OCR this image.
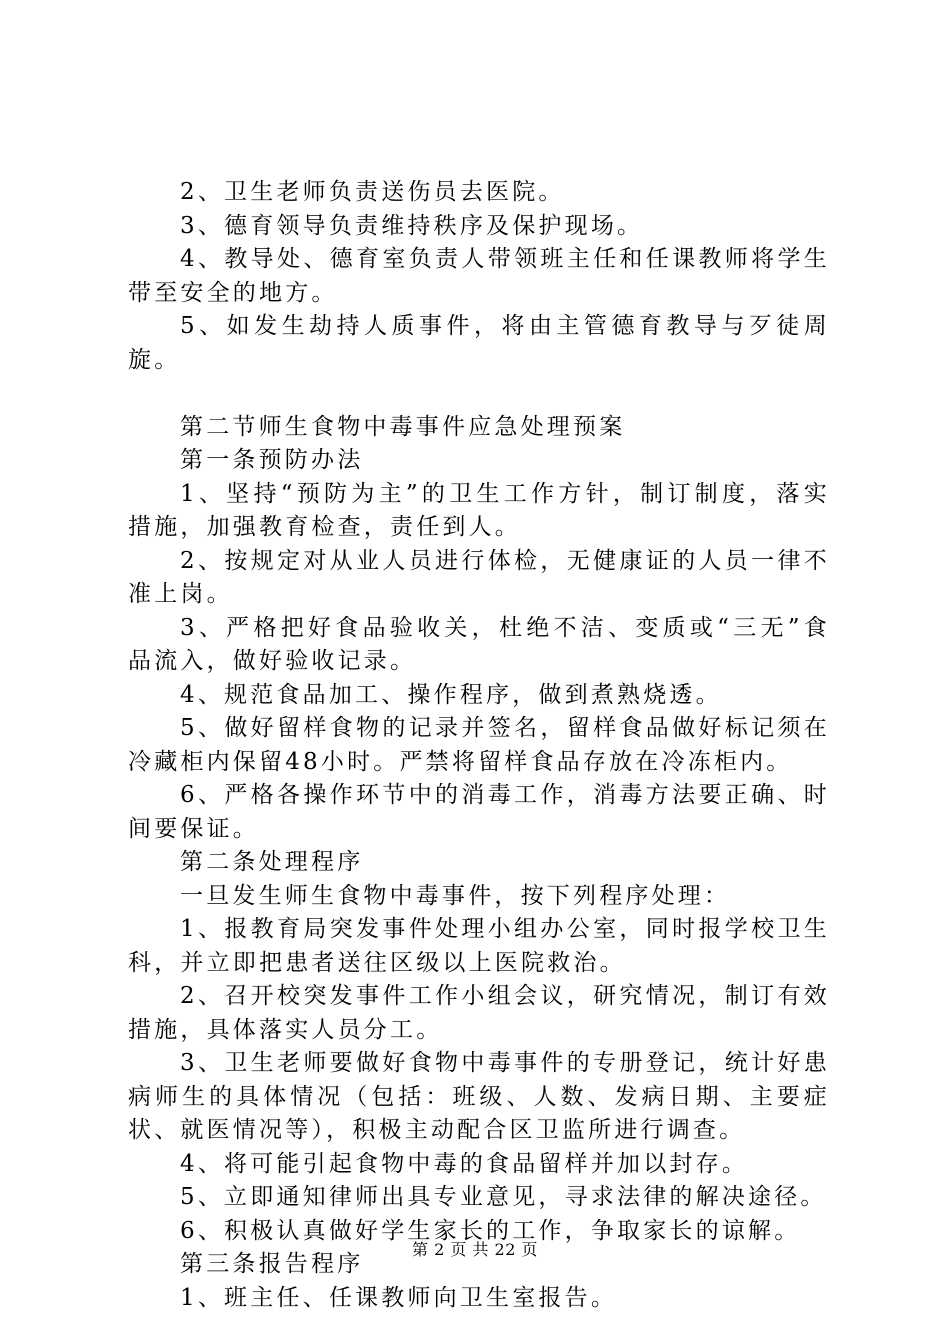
2、卫生老师负责送伤员去医院。

3、德育领导负责维持秩序及保护现场。

4、教导处、德育室负责人带领班主任和任课教师将学生带至安全的地方。

5、如发生劫持人质事件，将由主管德育教导与歹徒周旋。

第二节师生食物中毒事件应急处理预案

第一条预防办法

1、坚持“预防为主”的卫生工作方针，制订制度，落实措施，加强教育检查，责任到人。

2、按规定对从业人员进行体检，无健康证的人员一律不准上岗。

3、严格把好食品验收关，杜绝不洁、变质或“三无”食品流入，做好验收记录。

4、规范食品加工、操作程序，做到煮熟烧透。

5、做好留样食物的记录并签名，留样食品做好标记须在冷藏柜内保留48小时。严禁将留样食品存放在冷冻柜内。

6、严格各操作环节中的消毒工作，消毒方法要正确、时间要保证。

第二条处理程序

一旦发生师生食物中毒事件，按下列程序处理：

1、报教育局突发事件处理小组办公室，同时报学校卫生科，并立即把患者送往区级以上医院救治。

2、召开校突发事件工作小组会议，研究情况，制订有效措施，具体落实人员分工。

3、卫生老师要做好食物中毒事件的专册登记，统计好患病师生的具体情况（包括：班级、人数、发病日期、主要症状、就医情况等），积极主动配合区卫监所进行调查。

4、将可能引起食物中毒的食品留样并加以封存。

5、立即通知律师出具专业意见，寻求法律的解决途径。

6、积极认真做好学生家长的工作，争取家长的谅解。

第三条报告程序

1、班主任、任课教师向卫生室报告。

第 2 页 共 22 页
